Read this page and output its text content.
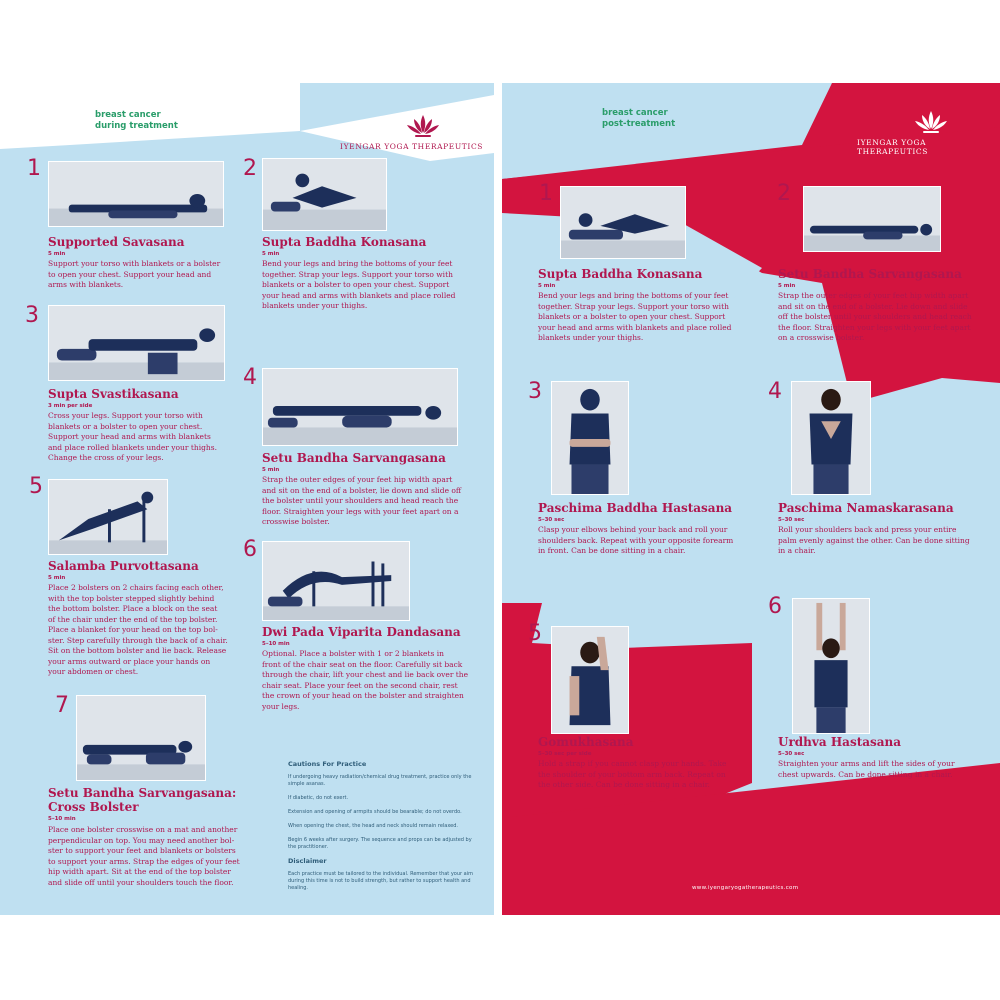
breast cancer
during treatment
IYENGAR YOGA THERAPEUTICS
1
Supported Savasana
5 min
Support your torso with blankets or a bolster
to open your chest. Support your head and
arms with blankets.
2
Supta Baddha Konasana
5 min
Bend your legs and bring the bottoms of your feet
together. Strap your legs. Support your torso with
blankets or a bolster to open your chest. Support
your head and arms with blankets and place rolled
blankets under your thighs.
3
Supta Svastikasana
3 min per side
Cross your legs. Support your torso with
blankets or a bolster to open your chest.
Support your head and arms with blankets
and place rolled blankets under your thighs.
Change the cross of your legs.
4
Setu Bandha Sarvangasana
5 min
Strap the outer edges of your feet hip width apart
and sit on the end of a bolster, lie down and slide off
the bolster until your shoulders and head reach the
floor. Straighten your legs with your feet apart on a
crosswise bolster.
5
Salamba Purvottasana
5 min
Place 2 bolsters on 2 chairs facing each other,
with the top bolster stepped slightly behind
the bottom bolster. Place a block on the seat
of the chair under the end of the top bolster.
Place a blanket for your head on the top bol-
ster. Step carefully through the back of a chair.
Sit on the bottom bolster and lie back. Release
your arms outward or place your hands on
your abdomen or chest.
6
Dwi Pada Viparita Dandasana
5–10 min
Optional. Place a bolster with 1 or 2 blankets in
front of the chair seat on the floor. Carefully sit back
through the chair, lift your chest and lie back over the
chair seat. Place your feet on the second chair, rest
the crown of your head on the bolster and straighten
your legs.
7
Setu Bandha Sarvangasana:
Cross Bolster
5–10 min
Place one bolster crosswise on a mat and another
perpendicular on top. You may need another bol-
ster to support your feet and blankets or bolsters
to support your arms. Strap the edges of your feet
hip width apart. Sit at the end of the top bolster
and slide off until your shoulders touch the floor.
Cautions For Practice

If undergoing heavy radiation/chemical drug treatment, practice only the simple asanas.

If diabetic, do not exert.

Extension and opening of armpits should be bearable; do not overdo.

When opening the chest, the head and neck should remain relaxed.

Begin 6 weeks after surgery. The sequence and props can be adjusted by the practitioner.

Disclaimer

Each practice must be tailored to the individual. Remember that your aim during this time is not to build strength, but rather to support health and healing.

breast cancer
post-treatment
IYENGAR YOGA THERAPEUTICS
1
Supta Baddha Konasana
5 min
Bend your legs and bring the bottoms of your feet
together. Strap your legs. Support your torso with
blankets or a bolster to open your chest. Support
your head and arms with blankets and place rolled
blankets under your thighs.
2
Setu Bandha Sarvangasana
5 min
Strap the outer edges of your feet hip width apart
and sit on the end of a bolster. Lie down and slide
off the bolster until your shoulders and head reach
the floor. Straighten your legs with your feet apart
on a crosswise bolster.
3
Paschima Baddha Hastasana
5–30 sec
Clasp your elbows behind your back and roll your
shoulders back. Repeat with your opposite forearm
in front. Can be done sitting in a chair.
4
Paschima Namaskarasana
5–30 sec
Roll your shoulders back and press your entire
palm evenly against the other. Can be done sitting
in a chair.
5
Gomukhasana
5–30 sec per side
Hold a strap if you cannot clasp your hands. Take
the shoulder of your bottom arm back. Repeat on
the other side. Can be done sitting in a chair.
6
Urdhva Hastasana
5–30 sec
Straighten your arms and lift the sides of your
chest upwards. Can be done sitting in a chair.
www.iyengaryogatherapeutics.com
